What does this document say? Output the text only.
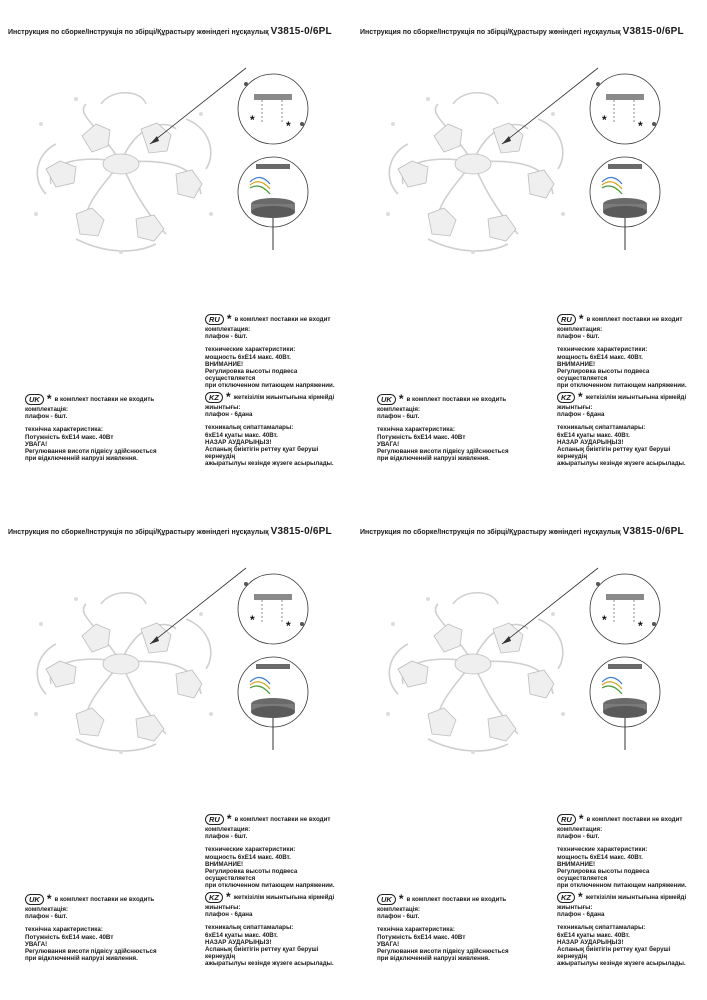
Инструкция по сборке/Інструкція по збірці/Құрастыру жөніндегі нұсқаулық V3815-0/6PL
*	*
RU * в комплект поставки не входит
комплектация:
плафон - 6шт.
технические характеристики:
мощность 6хЕ14 макс. 40Вт.
ВНИМАНИЕ!
Регулировка высоты подвеса осуществляется
при отключенном питающем напряжении.
UK * в комплект поставки не входить
комплектація:
плафон - 6шт.
технічна характеристика:
Потужність 6хЕ14 макс. 40Вт
УВАГА!
Регулювання висоти підвісу здійснюється
при відключенній напрузі живлення.
KZ * жеткізілім жиынтығына кірмейді
жиынтығы:
плафон - 6дана
техникалық сипаттамалары:
6хЕ14 қуаты макс. 40Вт.
НАЗАР АУДАРЫҢЫЗ!
Аспанық биіктігін реттеу қуат беруші кернеудің
ажыратылуы кезінде жүзеге асырылады.
Инструкция по сборке/Інструкція по збірці/Құрастыру жөніндегі нұсқаулық V3815-0/6PL
*	*
RU * в комплект поставки не входит
комплектация:
плафон - 6шт.
технические характеристики:
мощность 6хЕ14 макс. 40Вт.
ВНИМАНИЕ!
Регулировка высоты подвеса осуществляется
при отключенном питающем напряжении.
UK * в комплект поставки не входить
комплектація:
плафон - 6шт.
технічна характеристика:
Потужність 6хЕ14 макс. 40Вт
УВАГА!
Регулювання висоти підвісу здійснюється
при відключенній напрузі живлення.
KZ * жеткізілім жиынтығына кірмейді
жиынтығы:
плафон - 6дана
техникалық сипаттамалары:
6хЕ14 қуаты макс. 40Вт.
НАЗАР АУДАРЫҢЫЗ!
Аспанық биіктігін реттеу қуат беруші кернеудің
ажыратылуы кезінде жүзеге асырылады.
Инструкция по сборке/Інструкція по збірці/Құрастыру жөніндегі нұсқаулық V3815-0/6PL
*	*
RU * в комплект поставки не входит
комплектация:
плафон - 6шт.
технические характеристики:
мощность 6хЕ14 макс. 40Вт.
ВНИМАНИЕ!
Регулировка высоты подвеса осуществляется
при отключенном питающем напряжении.
UK * в комплект поставки не входить
комплектація:
плафон - 6шт.
технічна характеристика:
Потужність 6хЕ14 макс. 40Вт
УВАГА!
Регулювання висоти підвісу здійснюється
при відключенній напрузі живлення.
KZ * жеткізілім жиынтығына кірмейді
жиынтығы:
плафон - 6дана
техникалық сипаттамалары:
6хЕ14 қуаты макс. 40Вт.
НАЗАР АУДАРЫҢЫЗ!
Аспанық биіктігін реттеу қуат беруші кернеудің
ажыратылуы кезінде жүзеге асырылады.
Инструкция по сборке/Інструкція по збірці/Құрастыру жөніндегі нұсқаулық V3815-0/6PL
*	*
RU * в комплект поставки не входит
комплектация:
плафон - 6шт.
технические характеристики:
мощность 6хЕ14 макс. 40Вт.
ВНИМАНИЕ!
Регулировка высоты подвеса осуществляется
при отключенном питающем напряжении.
UK * в комплект поставки не входить
комплектація:
плафон - 6шт.
технічна характеристика:
Потужність 6хЕ14 макс. 40Вт
УВАГА!
Регулювання висоти підвісу здійснюється
при відключенній напрузі живлення.
KZ * жеткізілім жиынтығына кірмейді
жиынтығы:
плафон - 6дана
техникалық сипаттамалары:
6хЕ14 қуаты макс. 40Вт.
НАЗАР АУДАРЫҢЫЗ!
Аспанық биіктігін реттеу қуат беруші кернеудің
ажыратылуы кезінде жүзеге асырылады.
